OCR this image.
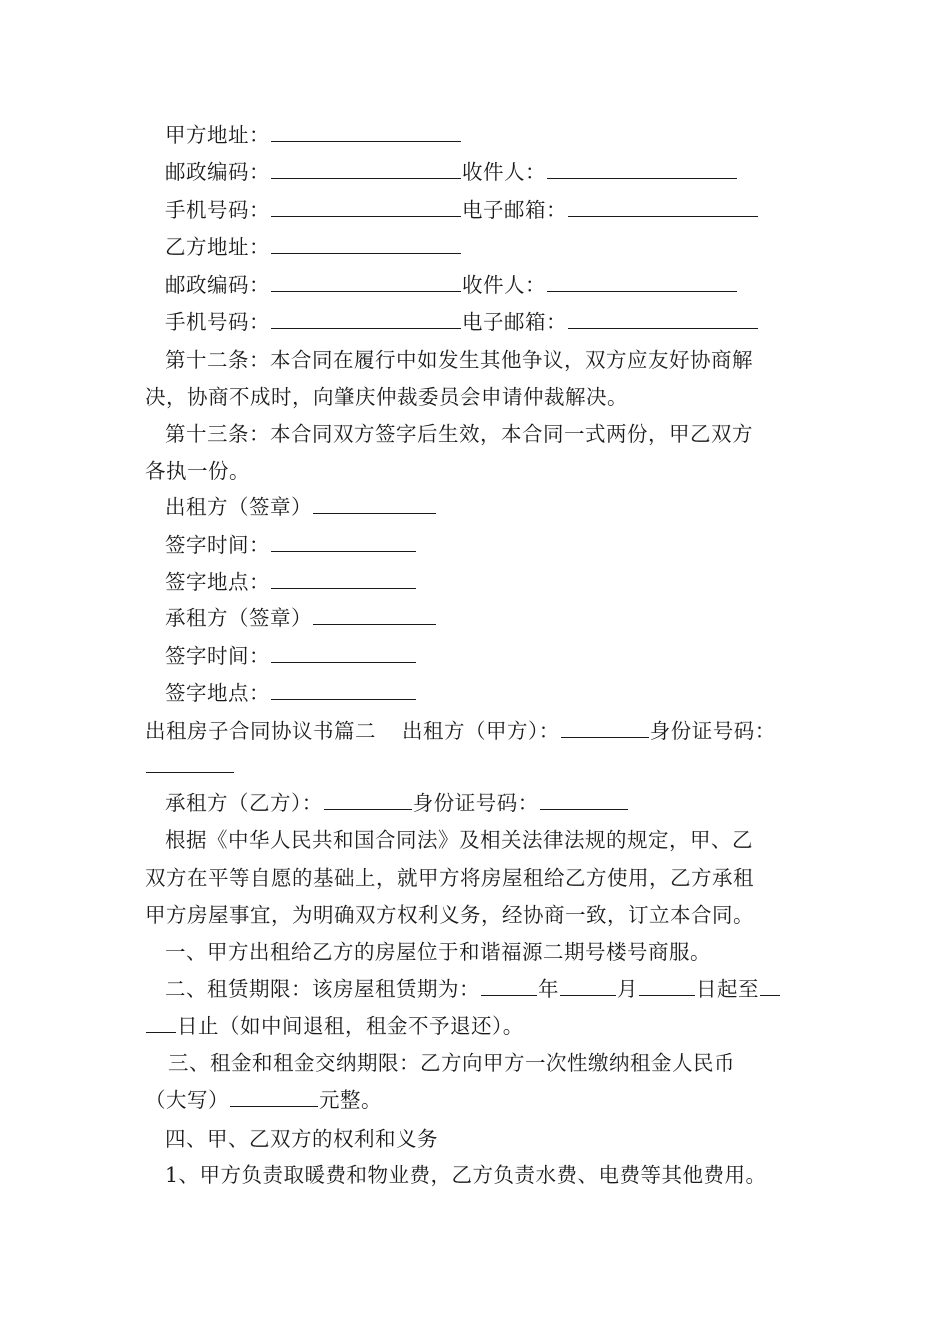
甲方地址：
邮政编码：	收件人：
手机号码：	电子邮箱：
乙方地址：
邮政编码：	收件人：
手机号码：	电子邮箱：
第十二条：本合同在履行中如发生其他争议，双方应友好协商解
决，协商不成时，向肇庆仲裁委员会申请仲裁解决。
第十三条：本合同双方签字后生效，本合同一式两份，甲乙双方
各执一份。
出租方（签章）
签字时间：
签字地点：
承租方（签章）
签字时间：
签字地点：
出租房子合同协议书篇二 出租方（甲方）：	身份证号码：
承租方（乙方）：	身份证号码：
根据《中华人民共和国合同法》及相关法律法规的规定，甲、乙
双方在平等自愿的基础上，就甲方将房屋租给乙方使用，乙方承租
甲方房屋事宜，为明确双方权利义务，经协商一致，订立本合同。
一、甲方出租给乙方的房屋位于和谐福源二期号楼号商服。
二、租赁期限：该房屋租赁期为：	年	月	日起至
日止（如中间退租，租金不予退还）。
三、租金和租金交纳期限：乙方向甲方一次性缴纳租金人民币
（大写）	元整。
四、甲、乙双方的权利和义务
1、甲方负责取暖费和物业费，乙方负责水费、电费等其他费用。
